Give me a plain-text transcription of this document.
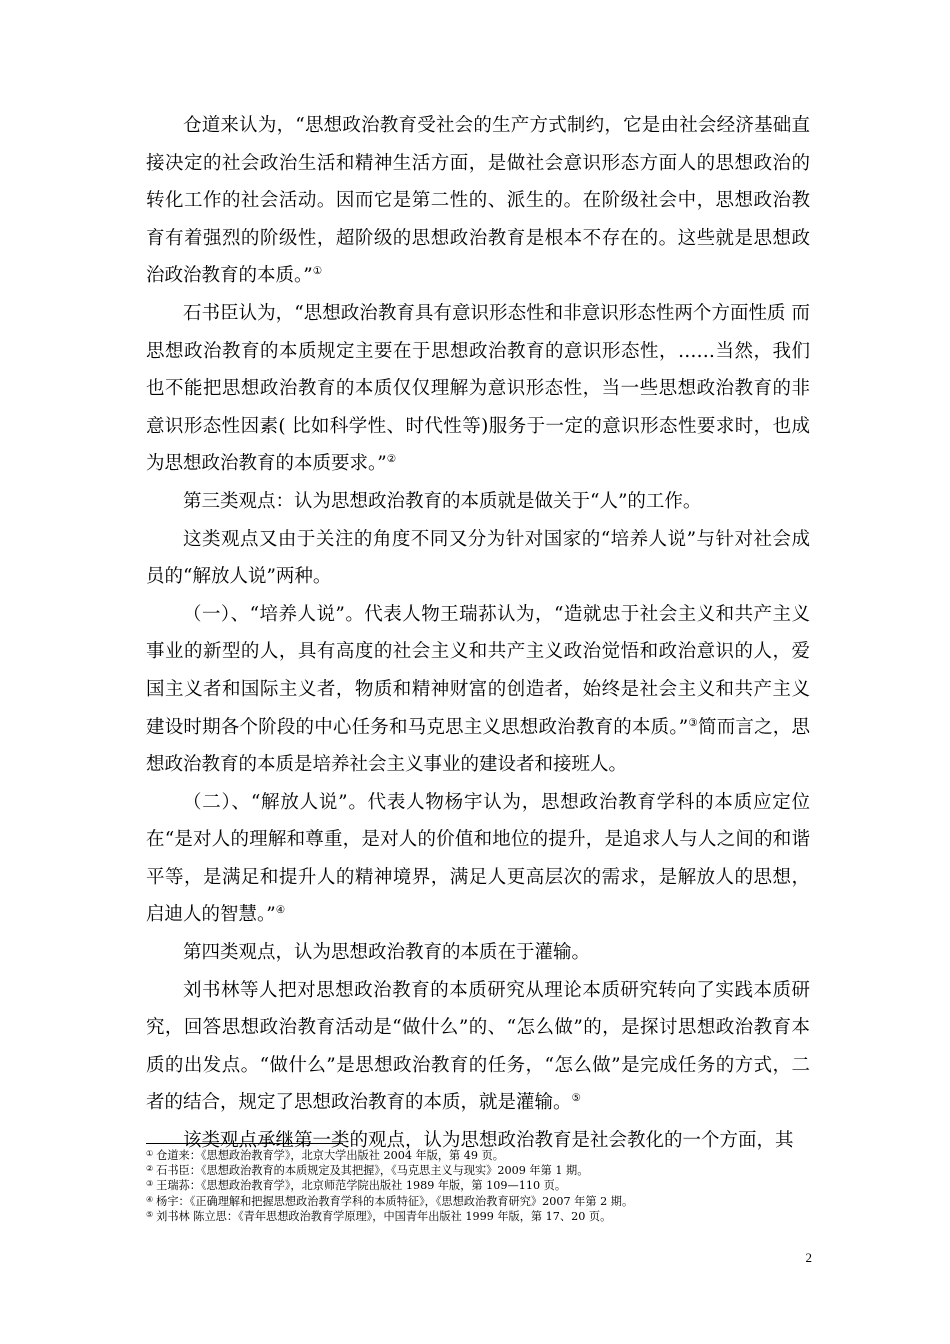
仓道来认为，“思想政治教育受社会的生产方式制约，它是由社会经济基础直接决定的社会政治生活和精神生活方面，是做社会意识形态方面人的思想政治的转化工作的社会活动。因而它是第二性的、派生的。在阶级社会中，思想政治教育有着强烈的阶级性，超阶级的思想政治教育是根本不存在的。这些就是思想政治政治教育的本质。”①

石书臣认为，“思想政治教育具有意识形态性和非意识形态性两个方面性质 而思想政治教育的本质规定主要在于思想政治教育的意识形态性，……当然，我们也不能把思想政治教育的本质仅仅理解为意识形态性，当一些思想政治教育的非意识形态性因素( 比如科学性、时代性等)服务于一定的意识形态性要求时，也成为思想政治教育的本质要求。”②

第三类观点：认为思想政治教育的本质就是做关于“人”的工作。

这类观点又由于关注的角度不同又分为针对国家的“培养人说”与针对社会成员的“解放人说”两种。

（一）、“培养人说”。代表人物王瑞荪认为，“造就忠于社会主义和共产主义事业的新型的人，具有高度的社会主义和共产主义政治觉悟和政治意识的人，爱国主义者和国际主义者，物质和精神财富的创造者，始终是社会主义和共产主义建设时期各个阶段的中心任务和马克思主义思想政治教育的本质。”③简而言之，思想政治教育的本质是培养社会主义事业的建设者和接班人。

（二）、“解放人说”。代表人物杨宇认为，思想政治教育学科的本质应定位在“是对人的理解和尊重，是对人的价值和地位的提升，是追求人与人之间的和谐平等，是满足和提升人的精神境界，满足人更高层次的需求，是解放人的思想，启迪人的智慧。”④

第四类观点，认为思想政治教育的本质在于灌输。

刘书林等人把对思想政治教育的本质研究从理论本质研究转向了实践本质研究，回答思想政治教育活动是“做什么”的、“怎么做”的，是探讨思想政治教育本质的出发点。“做什么”是思想政治教育的任务，“怎么做”是完成任务的方式，二者的结合，规定了思想政治教育的本质，就是灌输。⑤

该类观点承继第一类的观点，认为思想政治教育是社会教化的一个方面，其

① 仓道来：《思想政治教育学》，北京大学出版社 2004 年版，第 49 页。

② 石书臣：《思想政治教育的本质规定及其把握》，《马克思主义与现实》2009 年第 1 期。

③ 王瑞荪：《思想政治教育学》，北京师范学院出版社 1989 年版，第 109—110 页。

④ 杨宇：《正确理解和把握思想政治教育学科的本质特征》，《思想政治教育研究》2007 年第 2 期。

⑤ 刘书林 陈立思：《青年思想政治教育学原理》，中国青年出版社 1999 年版，第 17、20 页。

2
